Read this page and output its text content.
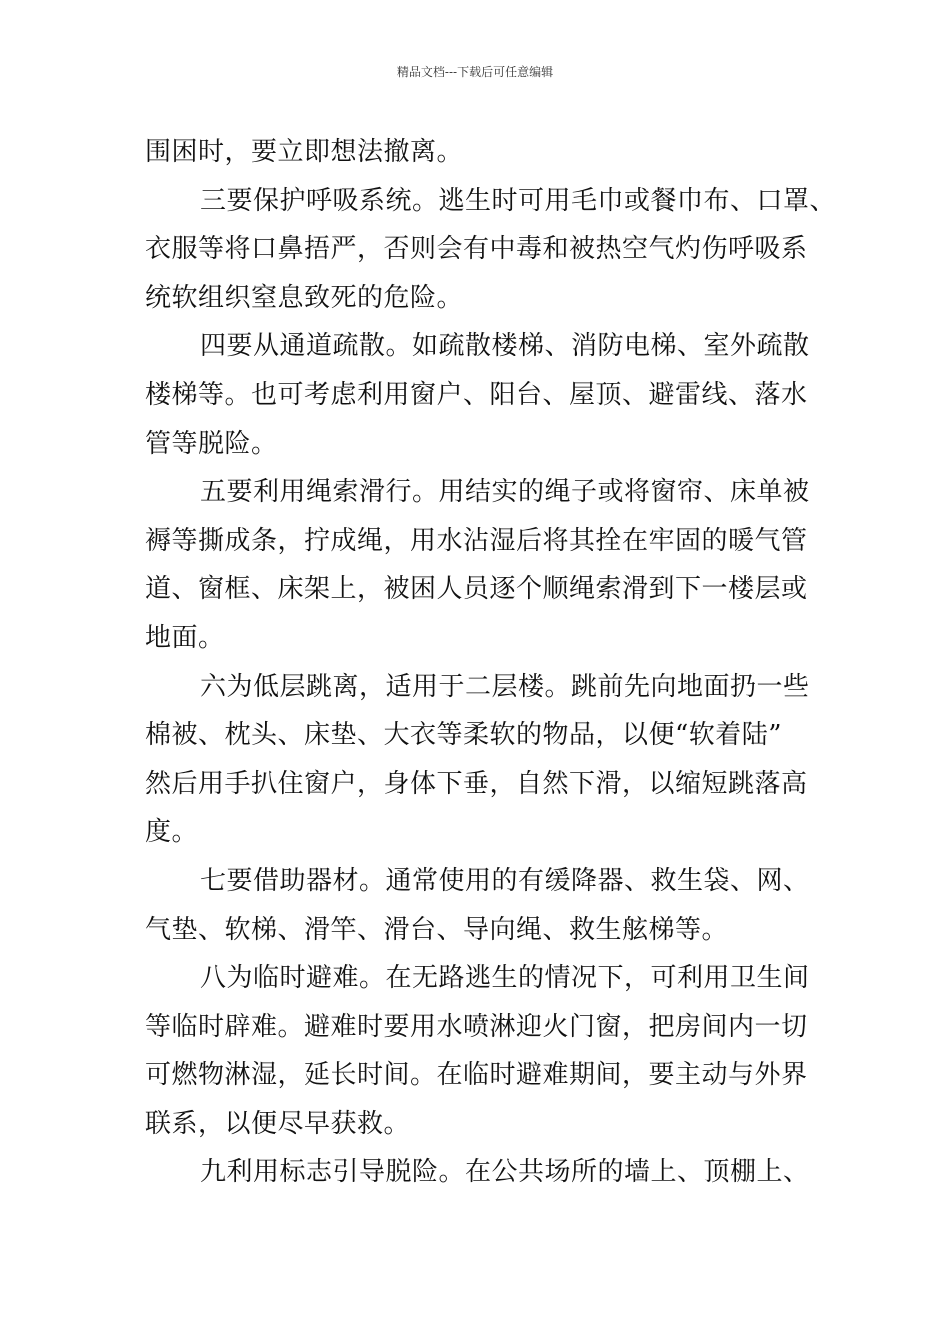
精品文档---下载后可任意编辑
围困时，要立即想法撤离。
三要保护呼吸系统。逃生时可用毛巾或餐巾布、口罩、
衣服等将口鼻捂严，否则会有中毒和被热空气灼伤呼吸系
统软组织窒息致死的危险。
四要从通道疏散。如疏散楼梯、消防电梯、室外疏散
楼梯等。也可考虑利用窗户、阳台、屋顶、避雷线、落水
管等脱险。
五要利用绳索滑行。用结实的绳子或将窗帘、床单被
褥等撕成条，拧成绳，用水沾湿后将其拴在牢固的暖气管
道、窗框、床架上，被困人员逐个顺绳索滑到下一楼层或
地面。
六为低层跳离，适用于二层楼。跳前先向地面扔一些
棉被、枕头、床垫、大衣等柔软的物品，以便“软着陆”
然后用手扒住窗户，身体下垂，自然下滑，以缩短跳落高
度。
七要借助器材。通常使用的有缓降器、救生袋、网、
气垫、软梯、滑竿、滑台、导向绳、救生舷梯等。
八为临时避难。在无路逃生的情况下，可利用卫生间
等临时辟难。避难时要用水喷淋迎火门窗，把房间内一切
可燃物淋湿，延长时间。在临时避难期间，要主动与外界
联系，以便尽早获救。
九利用标志引导脱险。在公共场所的墙上、顶棚上、
